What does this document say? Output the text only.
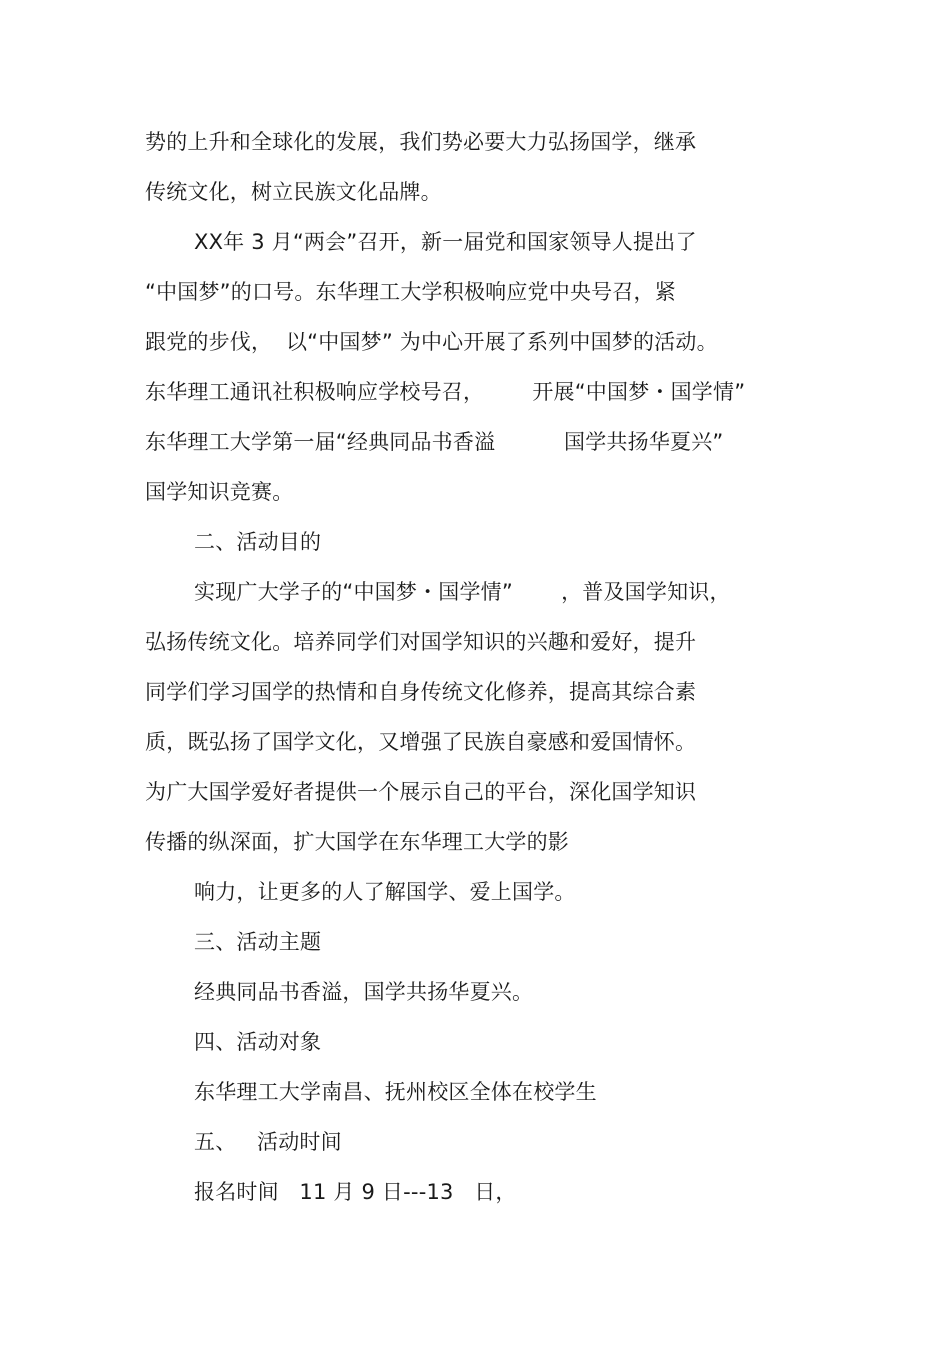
势的上升和全球化的发展，我们势必要大力弘扬国学，继承
传统文化，树立民族文化品牌。
XX年 3 月“两会”召开，新一届党和国家领导人提出了
“中国梦”的口号。东华理工大学积极响应党中央号召，紧
跟党的步伐，  以“中国梦” 为中心开展了系列中国梦的活动。
东华理工通讯社积极响应学校号召，       开展“中国梦・国学情”
东华理工大学第一届“经典同品书香溢          国学共扬华夏兴”
国学知识竞赛。
二、活动目的
实现广大学子的“中国梦・国学情”       ，普及国学知识，
弘扬传统文化。培养同学们对国学知识的兴趣和爱好，提升
同学们学习国学的热情和自身传统文化修养，提高其综合素
质，既弘扬了国学文化，又增强了民族自豪感和爱国情怀。
为广大国学爱好者提供一个展示自己的平台，深化国学知识
传播的纵深面，扩大国学在东华理工大学的影
响力，让更多的人了解国学、爱上国学。
三、活动主题
经典同品书香溢，国学共扬华夏兴。
四、活动对象
东华理工大学南昌、抚州校区全体在校学生
五、   活动时间
报名时间   11 月 9 日---13   日，
